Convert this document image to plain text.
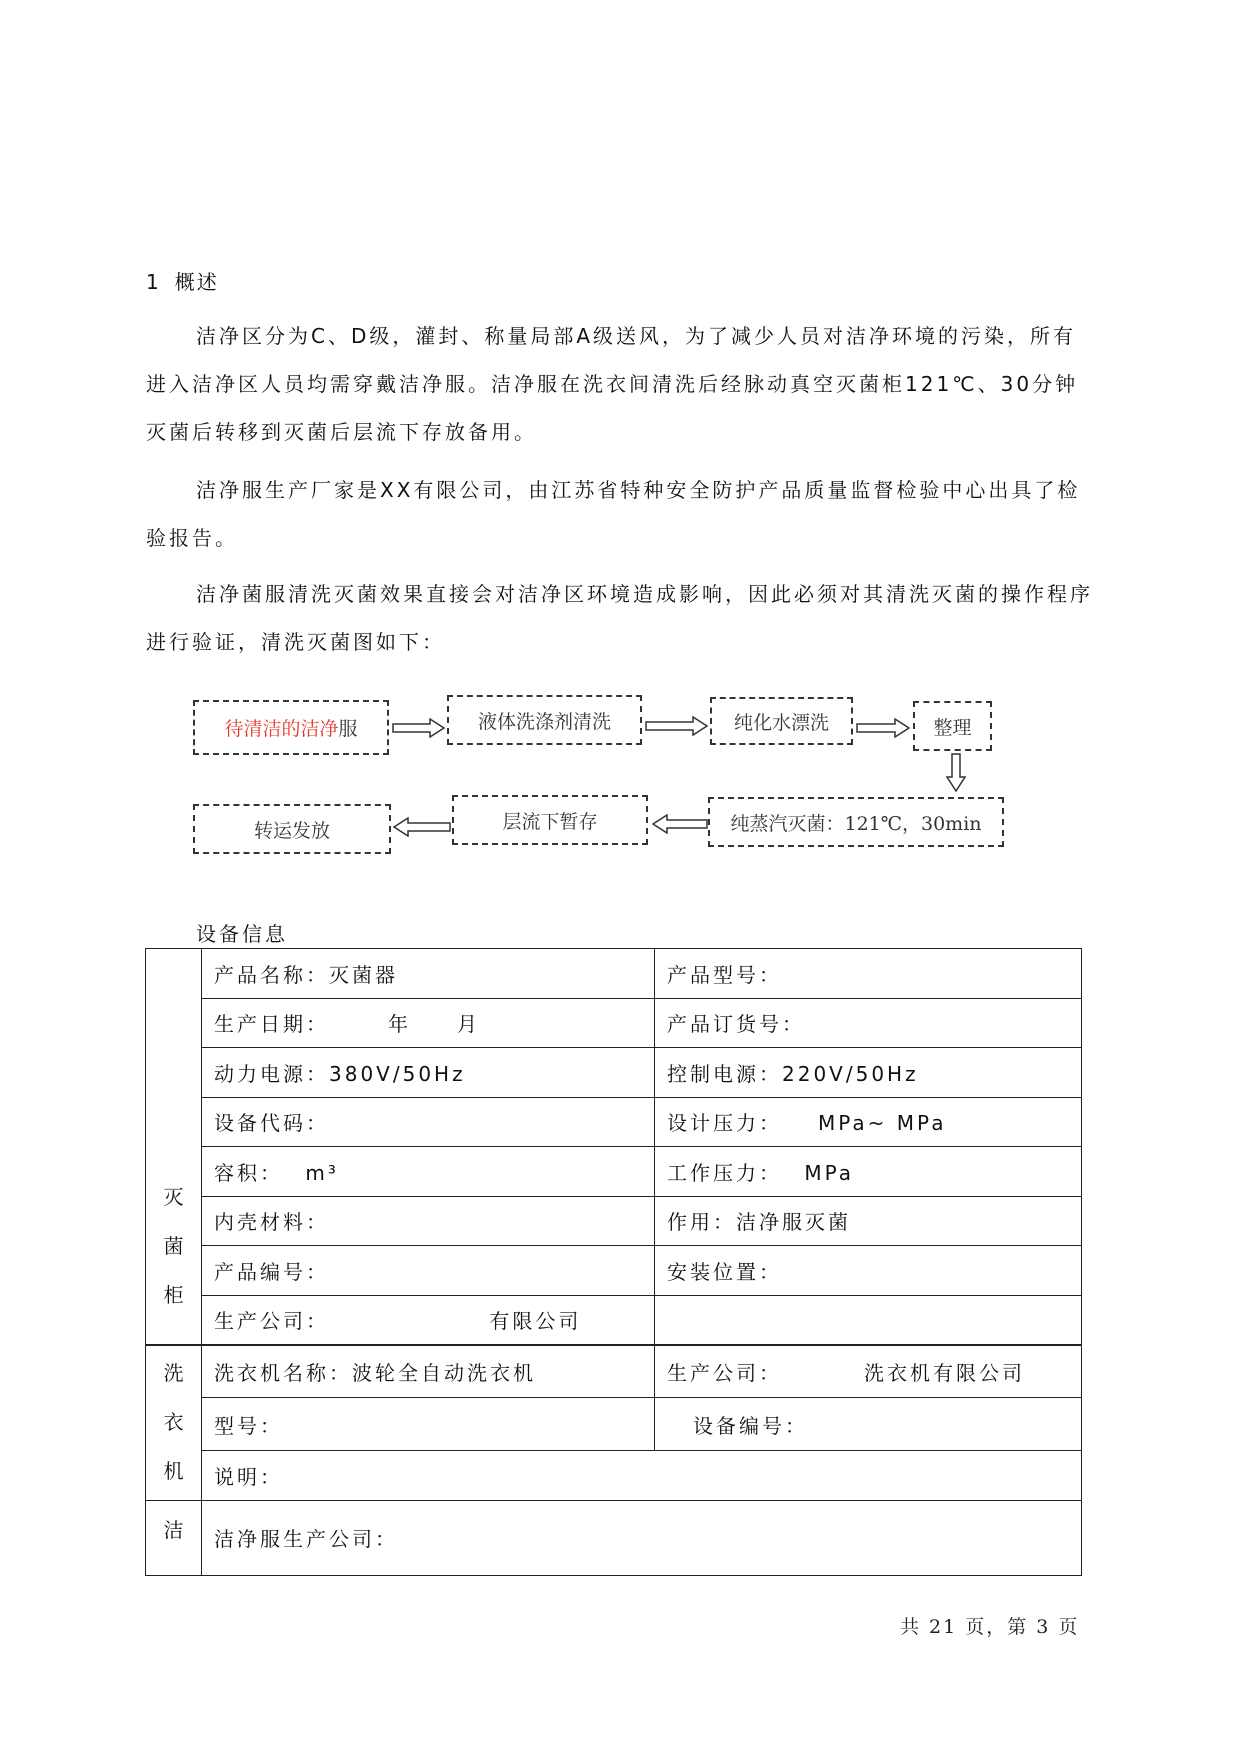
1 概述
洁净区分为C、D级，灌封、称量局部A级送风，为了减少人员对洁净环境的污染，所有进入洁净区人员均需穿戴洁净服。洁净服在洗衣间清洗后经脉动真空灭菌柜121℃、30分钟灭菌后转移到灭菌后层流下存放备用。
洁净服生产厂家是XX有限公司，由江苏省特种安全防护产品质量监督检验中心出具了检验报告。
洁净菌服清洗灭菌效果直接会对洁净区环境造成影响，因此必须对其清洗灭菌的操作程序进行验证，清洗灭菌图如下：
待清洁的洁净 服	液体洗涤剂清洗	纯化水漂洗	整理
纯蒸汽灭菌：121℃，30min
层流下暂存
转运发放
设备信息
灭菌柜	产品名称：灭菌器	产品型号：
	生产日期：　　　年　　月	产品订货号：
	动力电源：380V/50Hz	控制电源：220V/50Hz
	设备代码：	设计压力：　　MPa~ MPa
	容积：　 m³	工作压力：　 MPa
	内壳材料：	作用：洁净服灭菌
	产品编号：	安装位置：
	生产公司：　　　　　　　 有限公司	

洗衣机	洗衣机名称：波轮全自动洗衣机	生产公司：　　　　洗衣机有限公司
	型号：	设备编号：
	说明：	
洁	洁净服生产公司：	
共 21 页，第 3 页
